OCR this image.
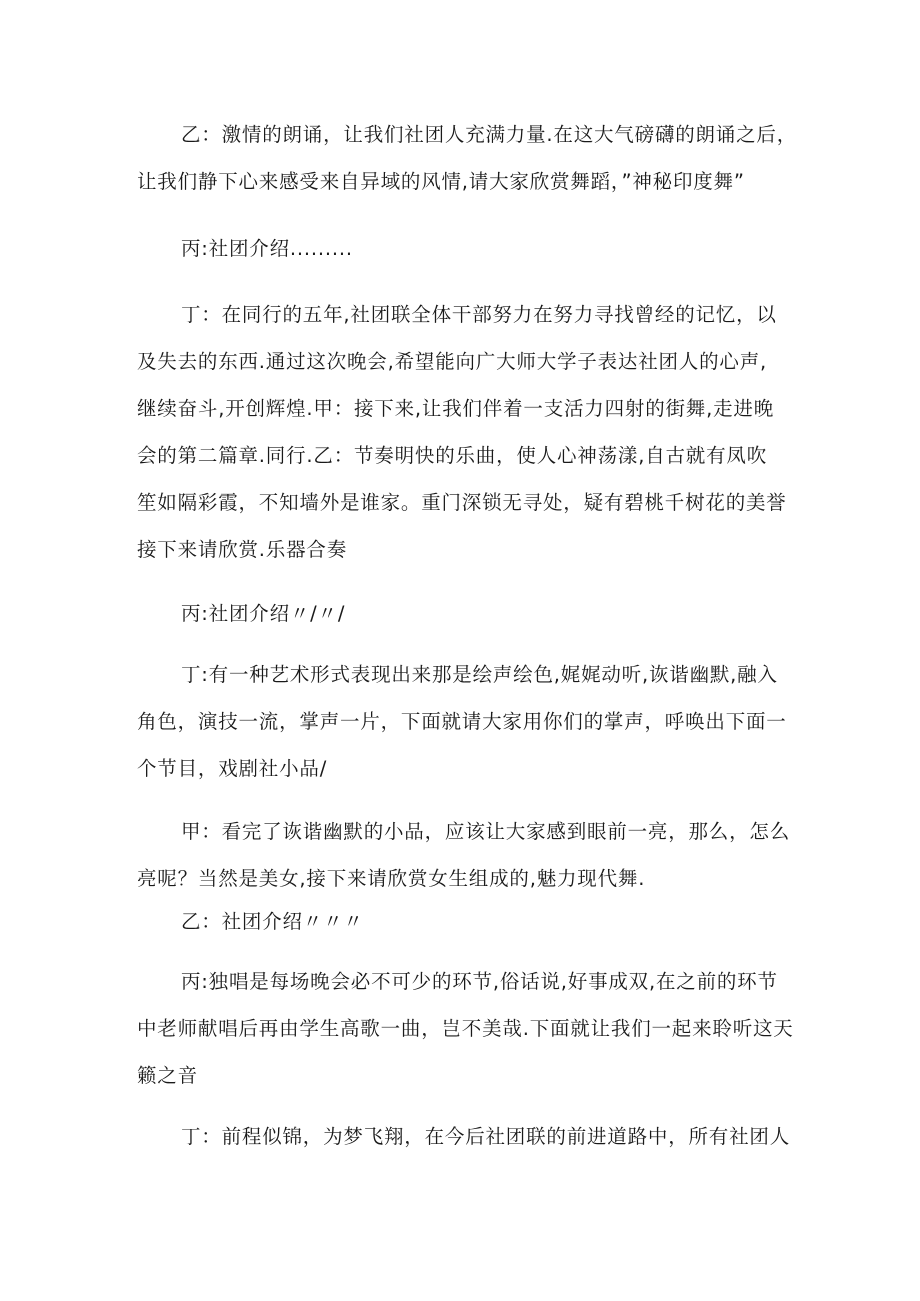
乙：激情的朗诵，让我们社团人充满力量.在这大气磅礴的朗诵之后，
让我们静下心来感受来自异域的风情,请大家欣赏舞蹈，”神秘印度舞”

丙:社团介绍.........

丁：在同行的五年,社团联全体干部努力在努力寻找曾经的记忆，以
及失去的东西.通过这次晚会,希望能向广大师大学子表达社团人的心声,
继续奋斗,开创辉煌.甲：接下来,让我们伴着一支活力四射的街舞,走进晚
会的第二篇章.同行.乙：节奏明快的乐曲，使人心神荡漾,自古就有凤吹
笙如隔彩霞，不知墙外是谁家。重门深锁无寻处，疑有碧桃千树花的美誉
接下来请欣赏.乐器合奏

丙:社团介绍〃/〃/

丁:有一种艺术形式表现出来那是绘声绘色,娓娓动听,诙谐幽默,融入
角色，演技一流，掌声一片，下面就请大家用你们的掌声，呼唤出下面一
个节目，戏剧社小品/

甲：看完了诙谐幽默的小品，应该让大家感到眼前一亮，那么，怎么
亮呢？当然是美女,接下来请欣赏女生组成的,魅力现代舞.

乙：社团介绍〃〃〃

丙:独唱是每场晚会必不可少的环节,俗话说,好事成双,在之前的环节
中老师献唱后再由学生高歌一曲，岂不美哉.下面就让我们一起来聆听这天
籁之音

丁：前程似锦，为梦飞翔，在今后社团联的前进道路中，所有社团人
